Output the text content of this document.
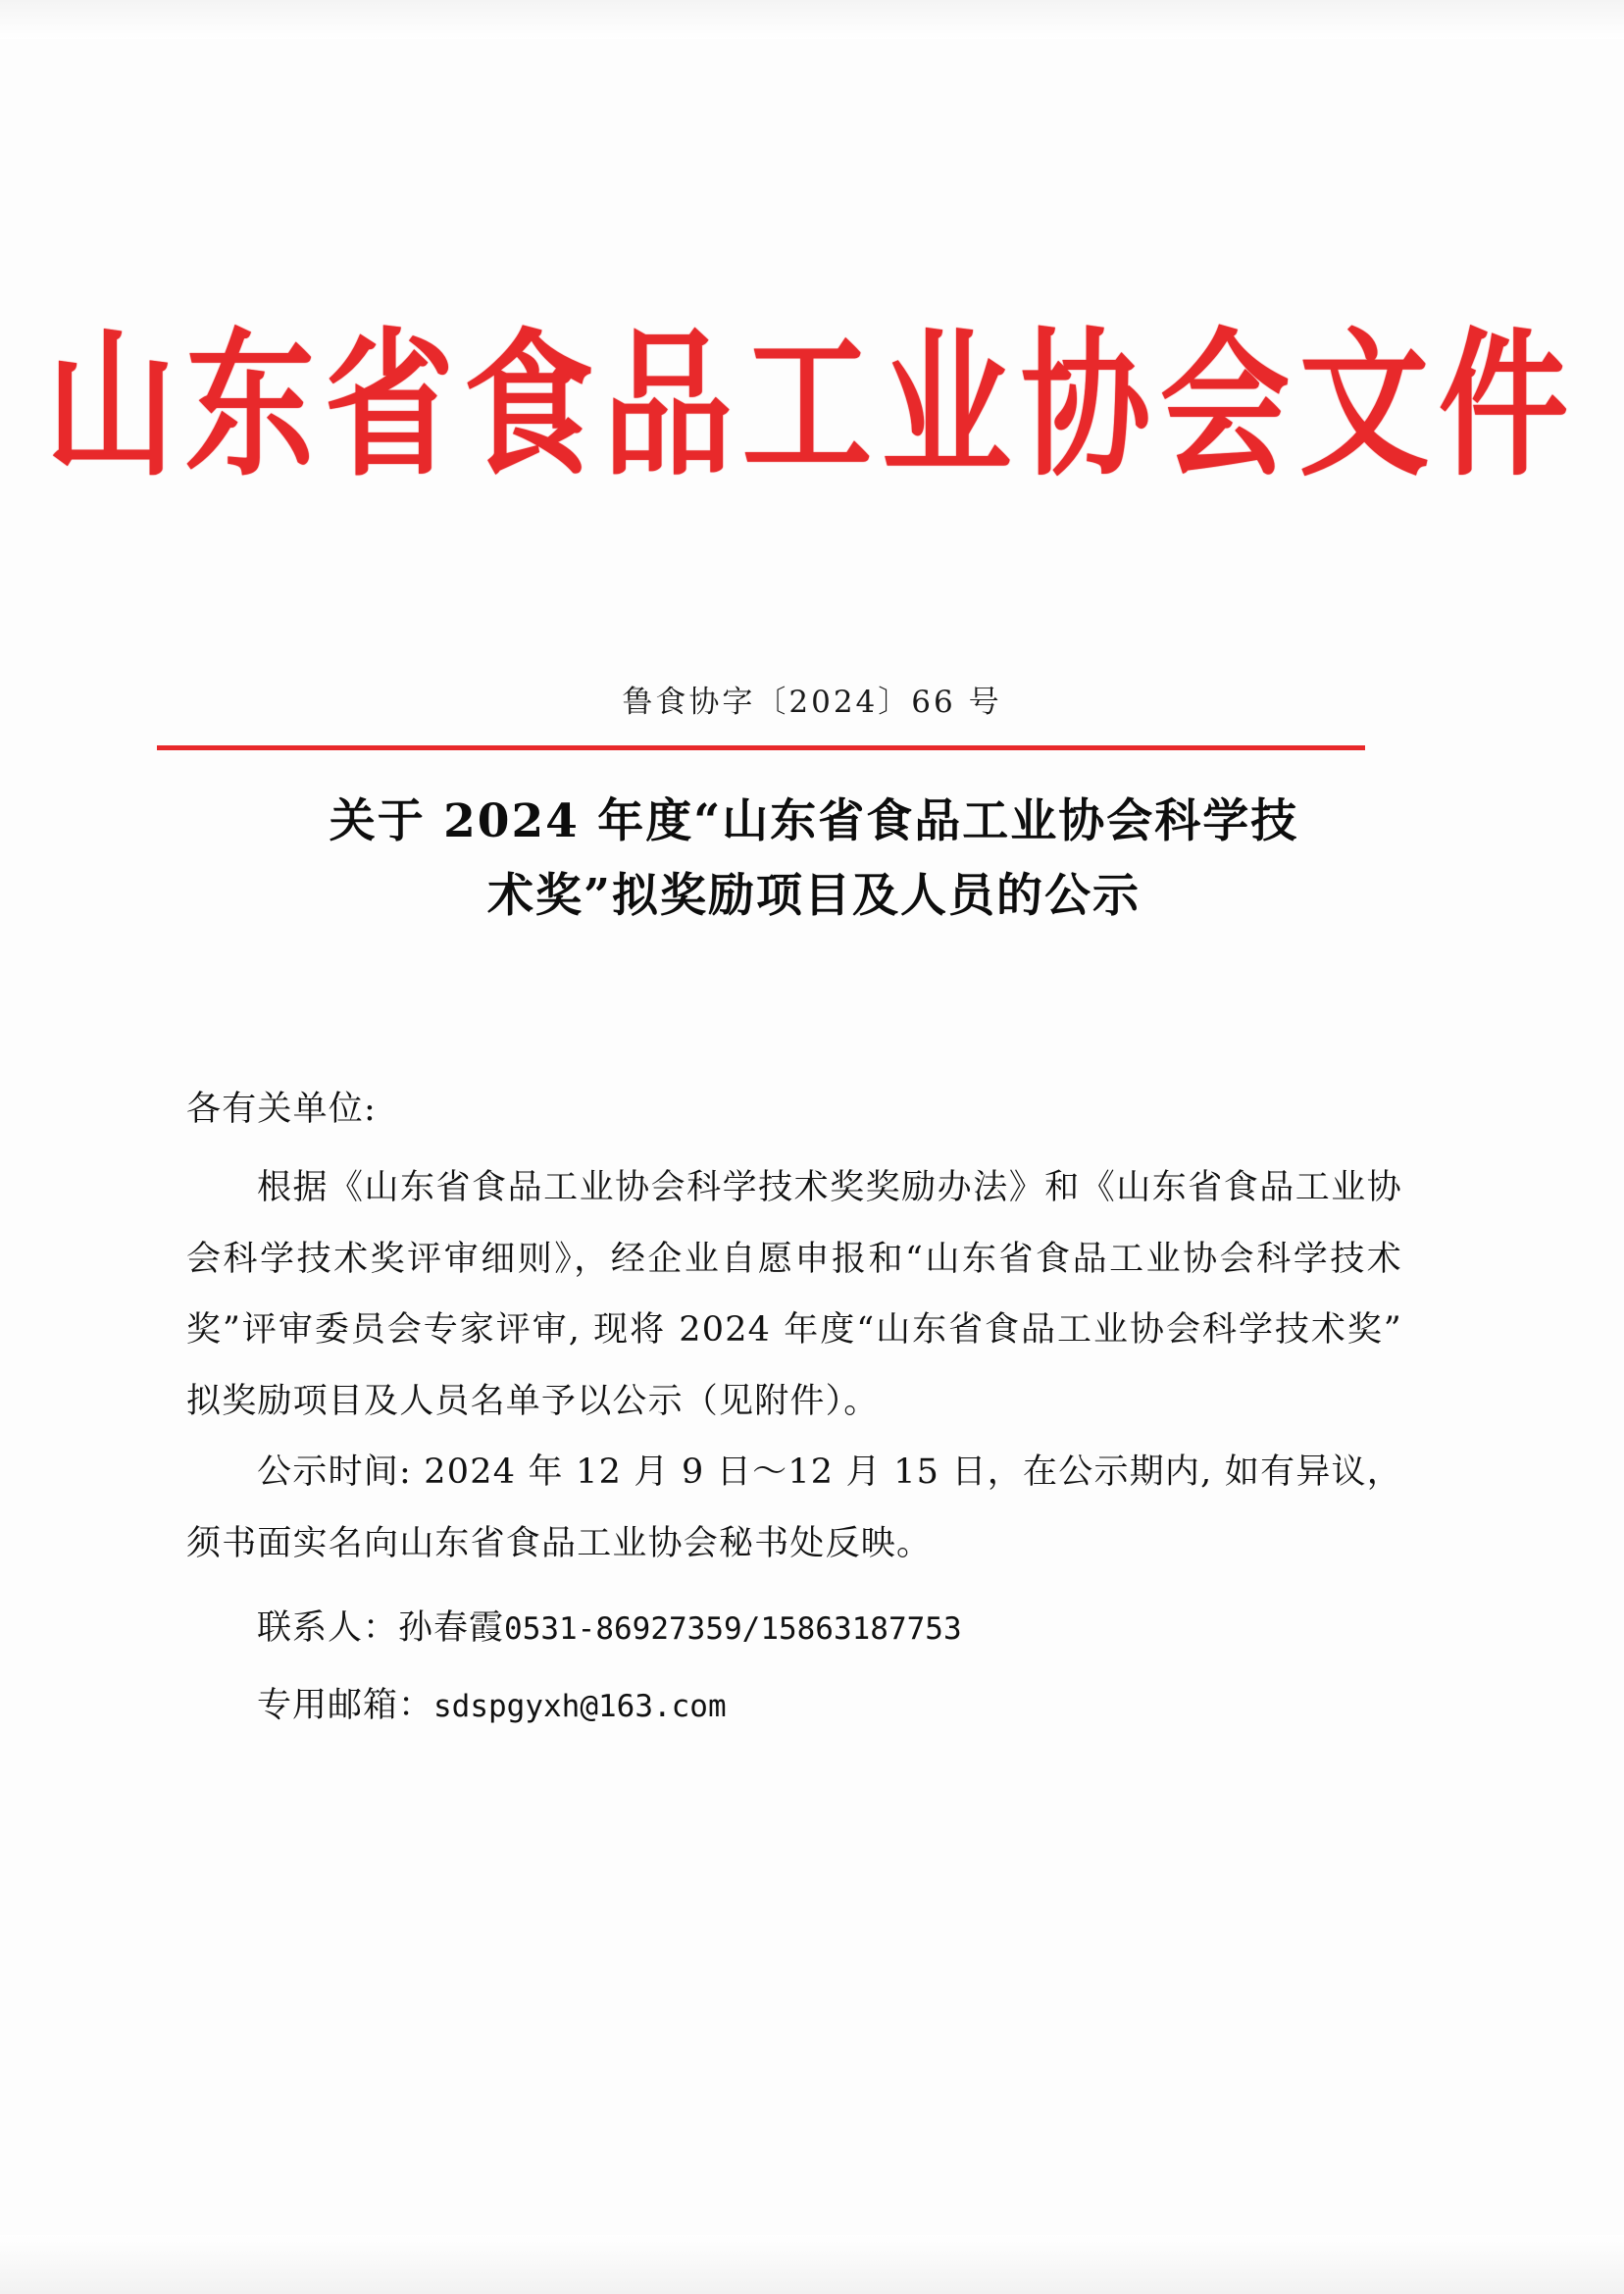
山东省食品工业协会文件
鲁食协字〔2024〕66 号
关于 2024 年度“山东省食品工业协会科学技
术奖”拟奖励项目及人员的公示

各有关单位:

根据《山东省食品工业协会科学技术奖奖励办法》和《山东省食品工业协会科学技术奖评审细则》，经企业自愿申报和“山东省食品工业协会科学技术奖”评审委员会专家评审, 现将 2024 年度“山东省食品工业协会科学技术奖”拟奖励项目及人员名单予以公示（见附件）。

公示时间: 2024 年 12 月 9 日～12 月 15 日，在公示期内, 如有异议，须书面实名向山东省食品工业协会秘书处反映。

联系人：孙春霞0531-86927359/15863187753

专用邮箱：sdspgyxh@163.com
